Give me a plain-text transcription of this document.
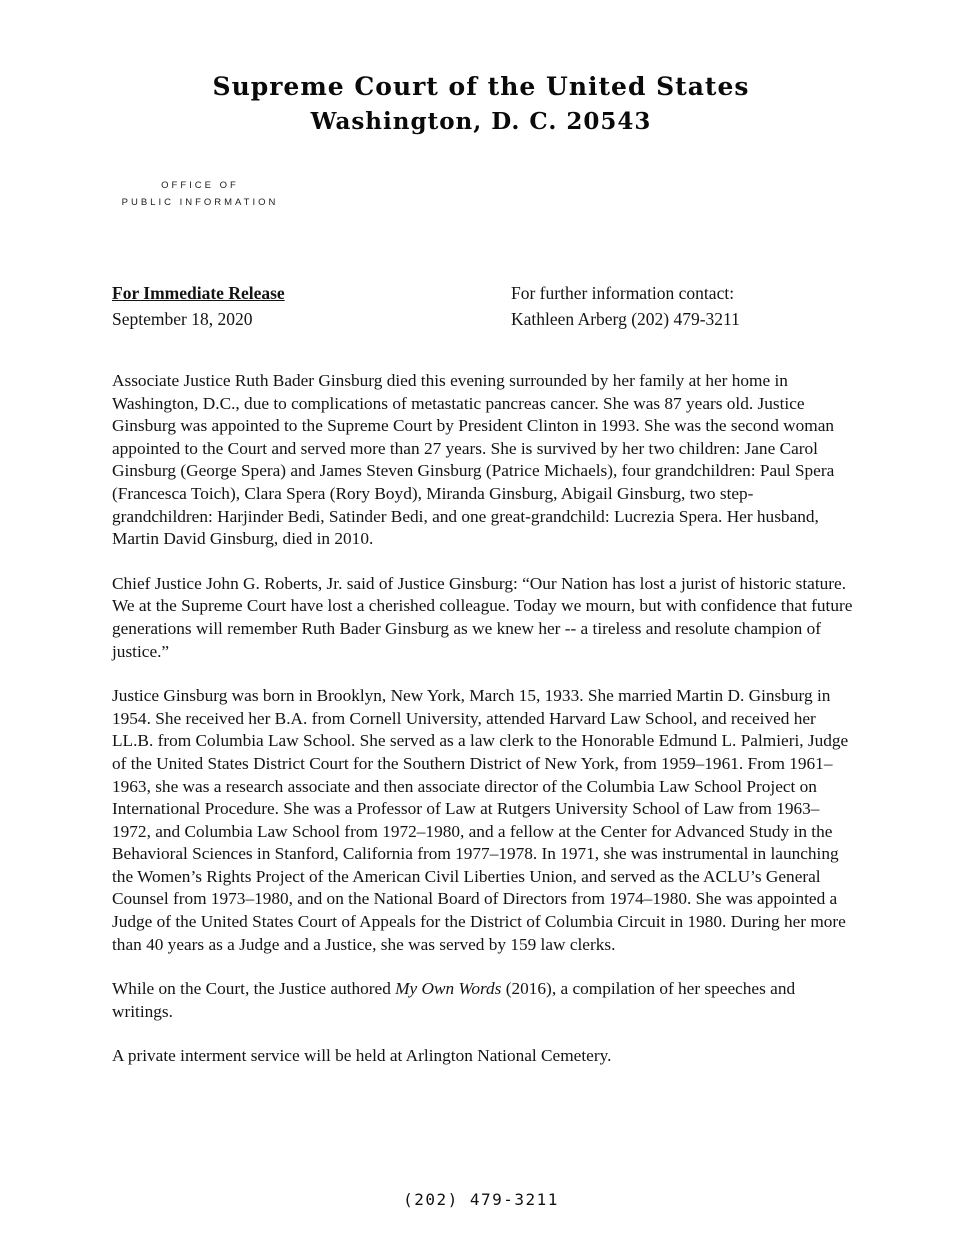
Supreme Court of the United States
Washington, D. C. 20543
OFFICE OF
PUBLIC INFORMATION
For Immediate Release
September 18, 2020
For further information contact:
Kathleen Arberg (202) 479-3211

Associate Justice Ruth Bader Ginsburg died this evening surrounded by her family at her home in Washington, D.C., due to complications of metastatic pancreas cancer. She was 87 years old. Justice Ginsburg was appointed to the Supreme Court by President Clinton in 1993. She was the second woman appointed to the Court and served more than 27 years. She is survived by her two children: Jane Carol Ginsburg (George Spera) and James Steven Ginsburg (Patrice Michaels), four grandchildren: Paul Spera (Francesca Toich), Clara Spera (Rory Boyd), Miranda Ginsburg, Abigail Ginsburg, two step-grandchildren: Harjinder Bedi, Satinder Bedi, and one great-grandchild: Lucrezia Spera. Her husband, Martin David Ginsburg, died in 2010.

Chief Justice John G. Roberts, Jr. said of Justice Ginsburg: “Our Nation has lost a jurist of historic stature. We at the Supreme Court have lost a cherished colleague. Today we mourn, but with confidence that future generations will remember Ruth Bader Ginsburg as we knew her -- a tireless and resolute champion of justice.”

Justice Ginsburg was born in Brooklyn, New York, March 15, 1933. She married Martin D. Ginsburg in 1954. She received her B.A. from Cornell University, attended Harvard Law School, and received her LL.B. from Columbia Law School. She served as a law clerk to the Honorable Edmund L. Palmieri, Judge of the United States District Court for the Southern District of New York, from 1959–1961. From 1961–1963, she was a research associate and then associate director of the Columbia Law School Project on International Procedure. She was a Professor of Law at Rutgers University School of Law from 1963–1972, and Columbia Law School from 1972–1980, and a fellow at the Center for Advanced Study in the Behavioral Sciences in Stanford, California from 1977–1978. In 1971, she was instrumental in launching the Women’s Rights Project of the American Civil Liberties Union, and served as the ACLU’s General Counsel from 1973–1980, and on the National Board of Directors from 1974–1980. She was appointed a Judge of the United States Court of Appeals for the District of Columbia Circuit in 1980. During her more than 40 years as a Judge and a Justice, she was served by 159 law clerks.

While on the Court, the Justice authored My Own Words (2016), a compilation of her speeches and writings.

A private interment service will be held at Arlington National Cemetery.

(202) 479-3211
